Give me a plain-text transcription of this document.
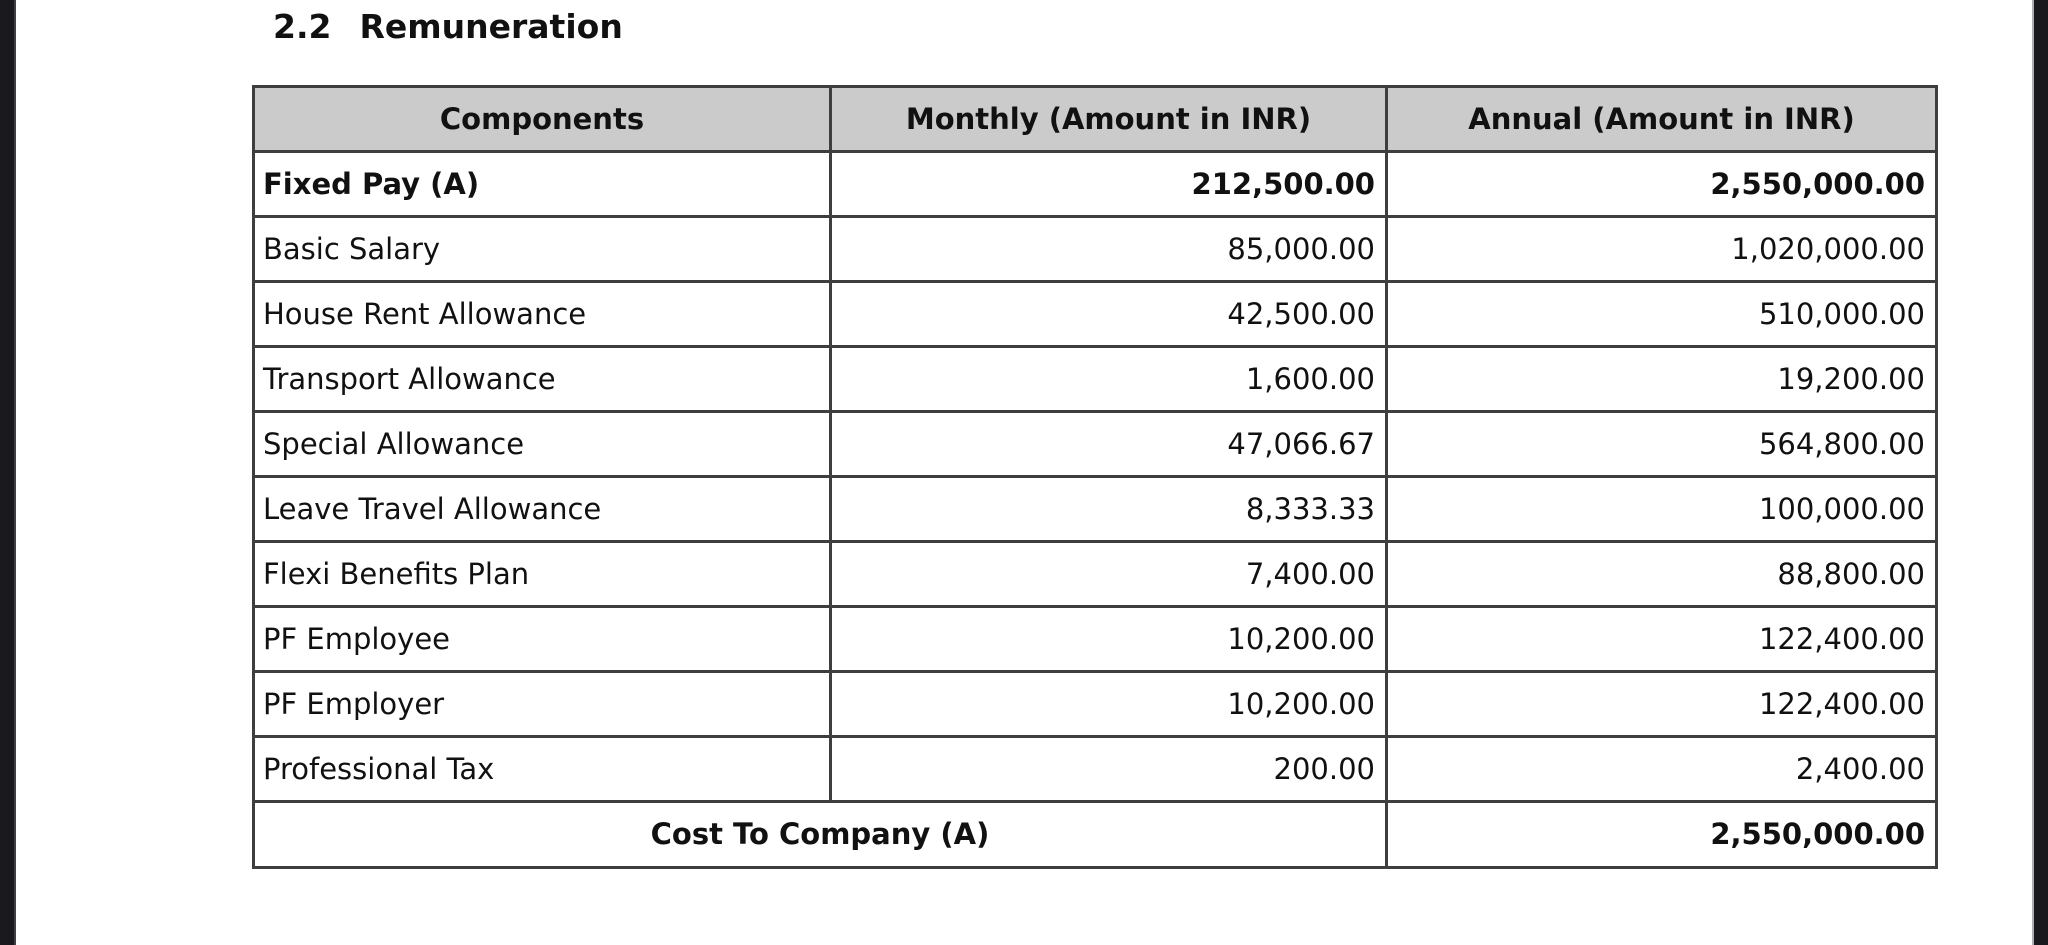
2.2 Remuneration
Components	Monthly (Amount in INR)	Annual (Amount in INR)
Fixed Pay (A)	212,500.00	2,550,000.00
Basic Salary	85,000.00	1,020,000.00
House Rent Allowance	42,500.00	510,000.00
Transport Allowance	1,600.00	19,200.00
Special Allowance	47,066.67	564,800.00
Leave Travel Allowance	8,333.33	100,000.00
Flexi Benefits Plan	7,400.00	88,800.00
PF Employee	10,200.00	122,400.00
PF Employer	10,200.00	122,400.00
Professional Tax	200.00	2,400.00
Cost To Company (A)		2,550,000.00
